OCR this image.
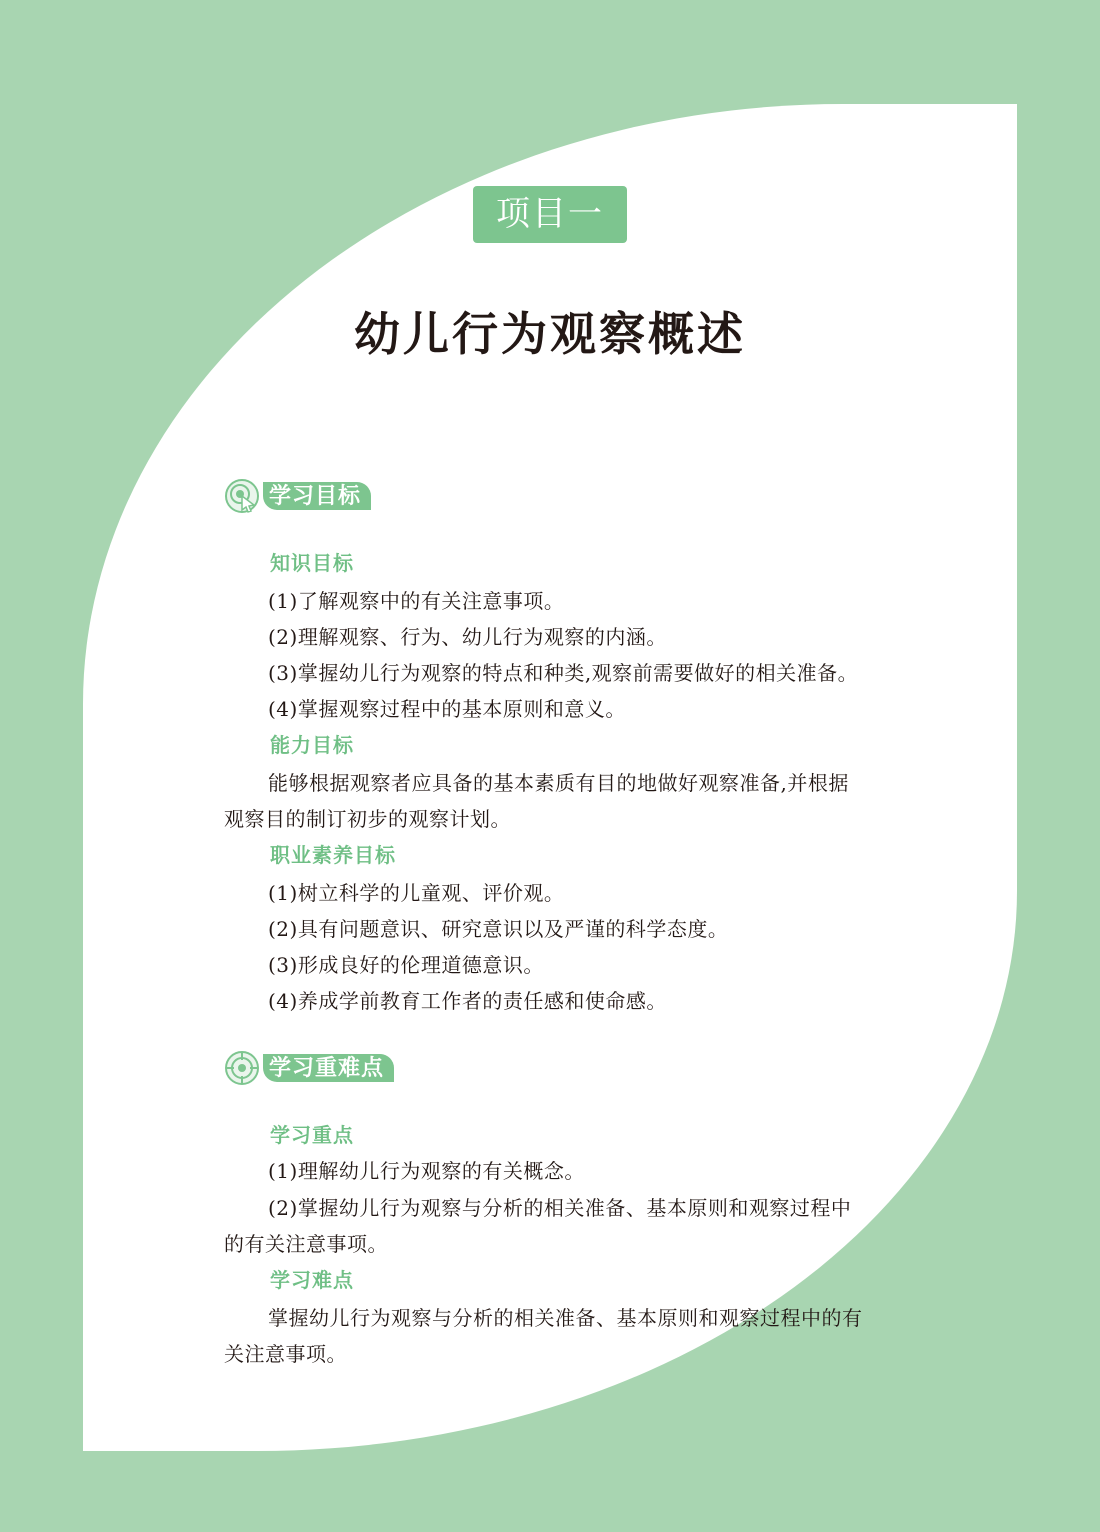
项目一
幼儿行为观察概述
学习目标
知识目标
(1)了解观察中的有关注意事项。
(2)理解观察、行为、幼儿行为观察的内涵。
(3)掌握幼儿行为观察的特点和种类,观察前需要做好的相关准备。
(4)掌握观察过程中的基本原则和意义。
能力目标
能够根据观察者应具备的基本素质有目的地做好观察准备,并根据
观察目的制订初步的观察计划。
职业素养目标
(1)树立科学的儿童观、评价观。
(2)具有问题意识、研究意识以及严谨的科学态度。
(3)形成良好的伦理道德意识。
(4)养成学前教育工作者的责任感和使命感。
学习重难点
学习重点
(1)理解幼儿行为观察的有关概念。
(2)掌握幼儿行为观察与分析的相关准备、基本原则和观察过程中
的有关注意事项。
学习难点
掌握幼儿行为观察与分析的相关准备、基本原则和观察过程中的有
关注意事项。
